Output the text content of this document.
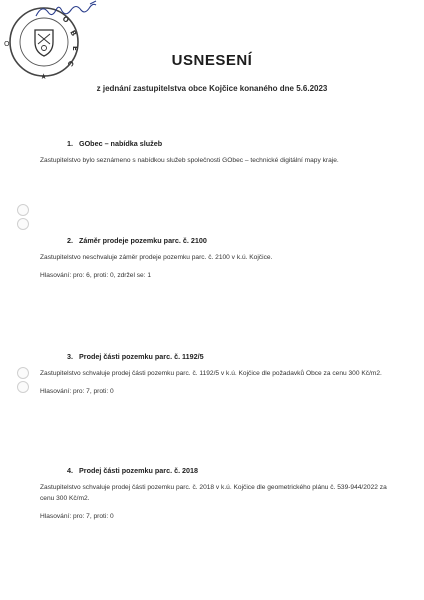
O
B
E
C
★
O
USNESENÍ
z jednání zastupitelstva obce Kojčice konaného dne 5.6.2023
1. GObec – nabídka služeb
Zastupitelstvo bylo seznámeno s nabídkou služeb společnosti GObec – technické digitální mapy kraje.
2. Záměr prodeje pozemku parc. č. 2100
Zastupitelstvo neschvaluje záměr prodeje pozemku parc. č. 2100 v k.ú. Kojčice.
Hlasování: pro: 6, proti: 0, zdržel se: 1
3. Prodej části pozemku parc. č. 1192/5
Zastupitelstvo schvaluje prodej části pozemku parc. č. 1192/5 v k.ú. Kojčice dle požadavků Obce za cenu 300 Kč/m2.
Hlasování: pro: 7, proti: 0
4. Prodej části pozemku parc. č. 2018
Zastupitelstvo schvaluje prodej části pozemku parc. č. 2018 v k.ú. Kojčice dle geometrického plánu č. 539-944/2022 za cenu 300 Kč/m2.
Hlasování: pro: 7, proti: 0
